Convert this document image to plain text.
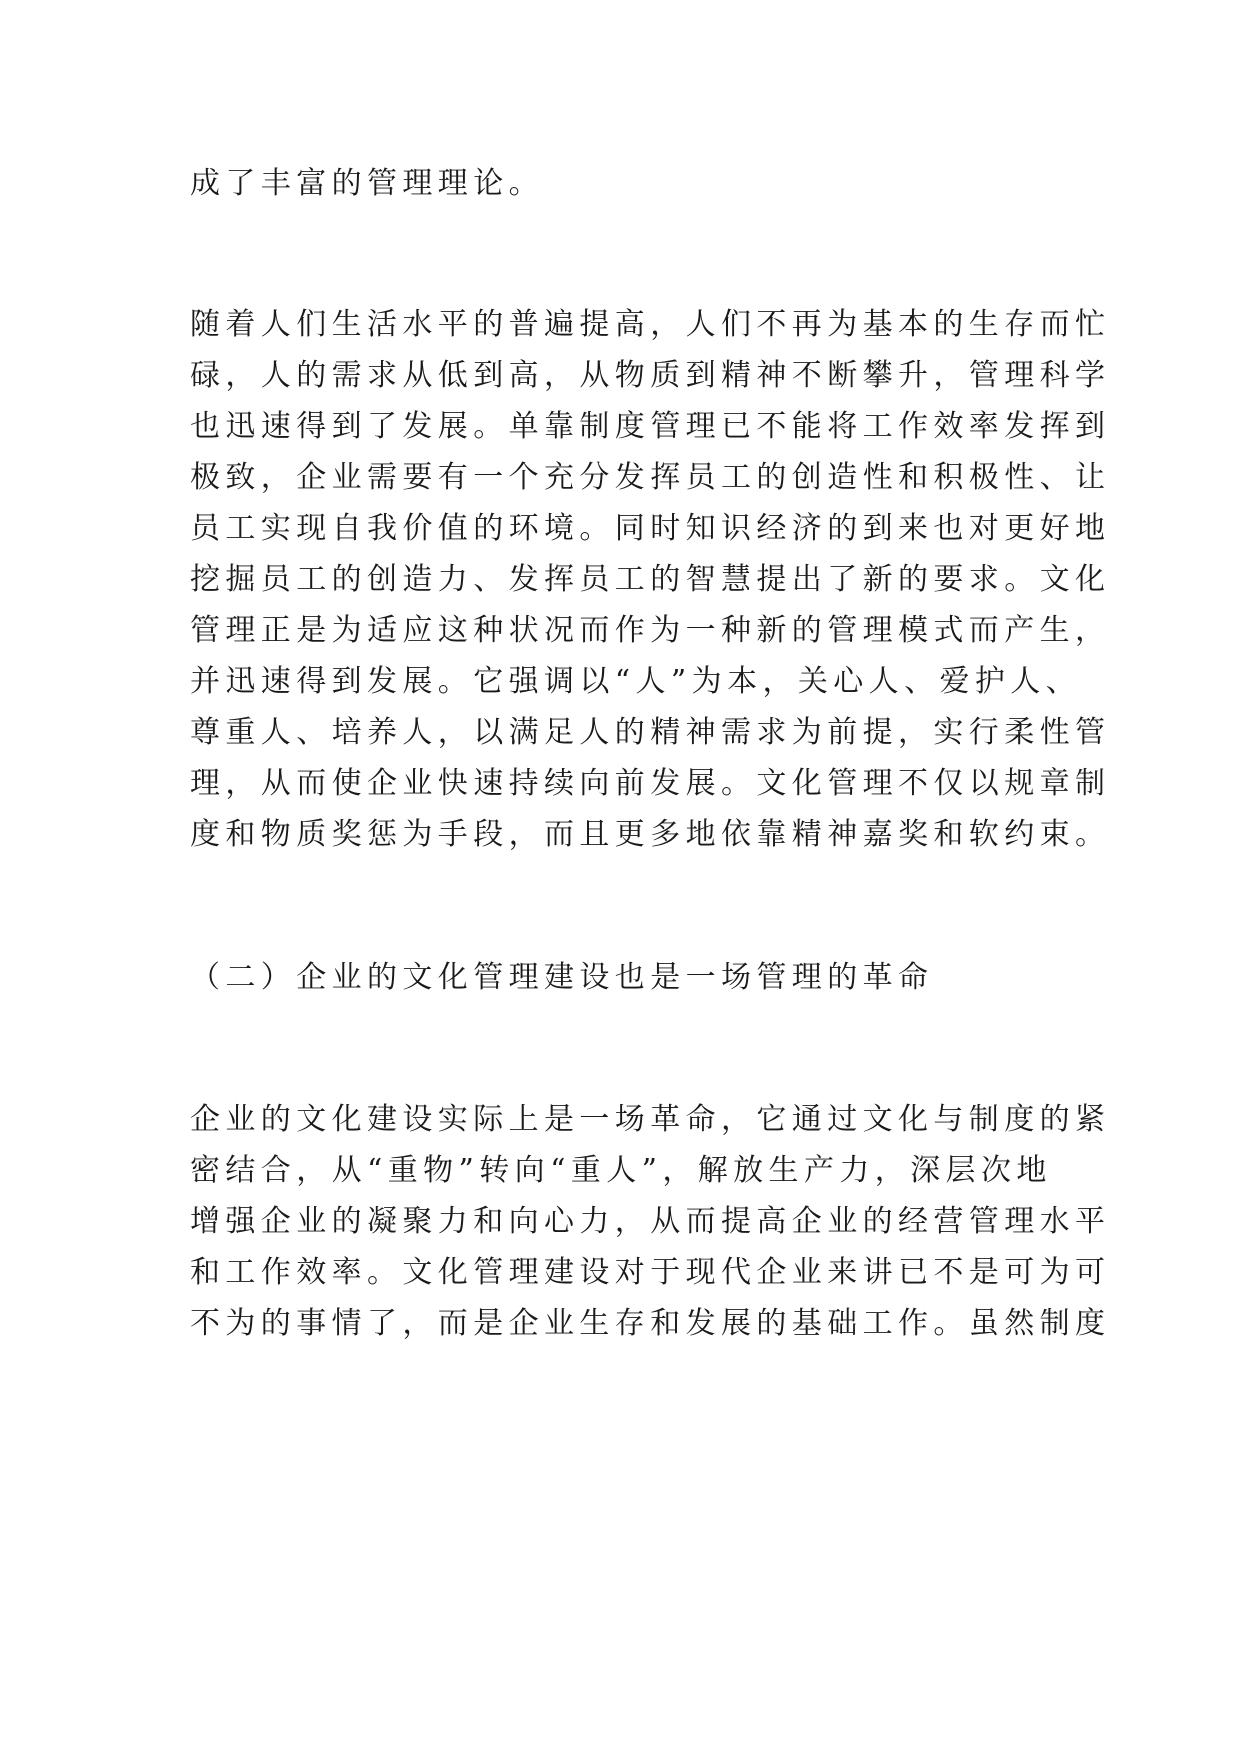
成了丰富的管理理论。
随着人们生活水平的普遍提高，人们不再为基本的生存而忙
碌，人的需求从低到高，从物质到精神不断攀升，管理科学
也迅速得到了发展。单靠制度管理已不能将工作效率发挥到
极致，企业需要有一个充分发挥员工的创造性和积极性、让
员工实现自我价值的环境。同时知识经济的到来也对更好地
挖掘员工的创造力、发挥员工的智慧提出了新的要求。文化
管理正是为适应这种状况而作为一种新的管理模式而产生，
并迅速得到发展。它强调以“人”为本，关心人、爱护人、
尊重人、培养人，以满足人的精神需求为前提，实行柔性管
理，从而使企业快速持续向前发展。文化管理不仅以规章制
度和物质奖惩为手段，而且更多地依靠精神嘉奖和软约束。
（二）企业的文化管理建设也是一场管理的革命
企业的文化建设实际上是一场革命，它通过文化与制度的紧
密结合，从“重物”转向“重人”，解放生产力，深层次地
增强企业的凝聚力和向心力，从而提高企业的经营管理水平
和工作效率。文化管理建设对于现代企业来讲已不是可为可
不为的事情了，而是企业生存和发展的基础工作。虽然制度
